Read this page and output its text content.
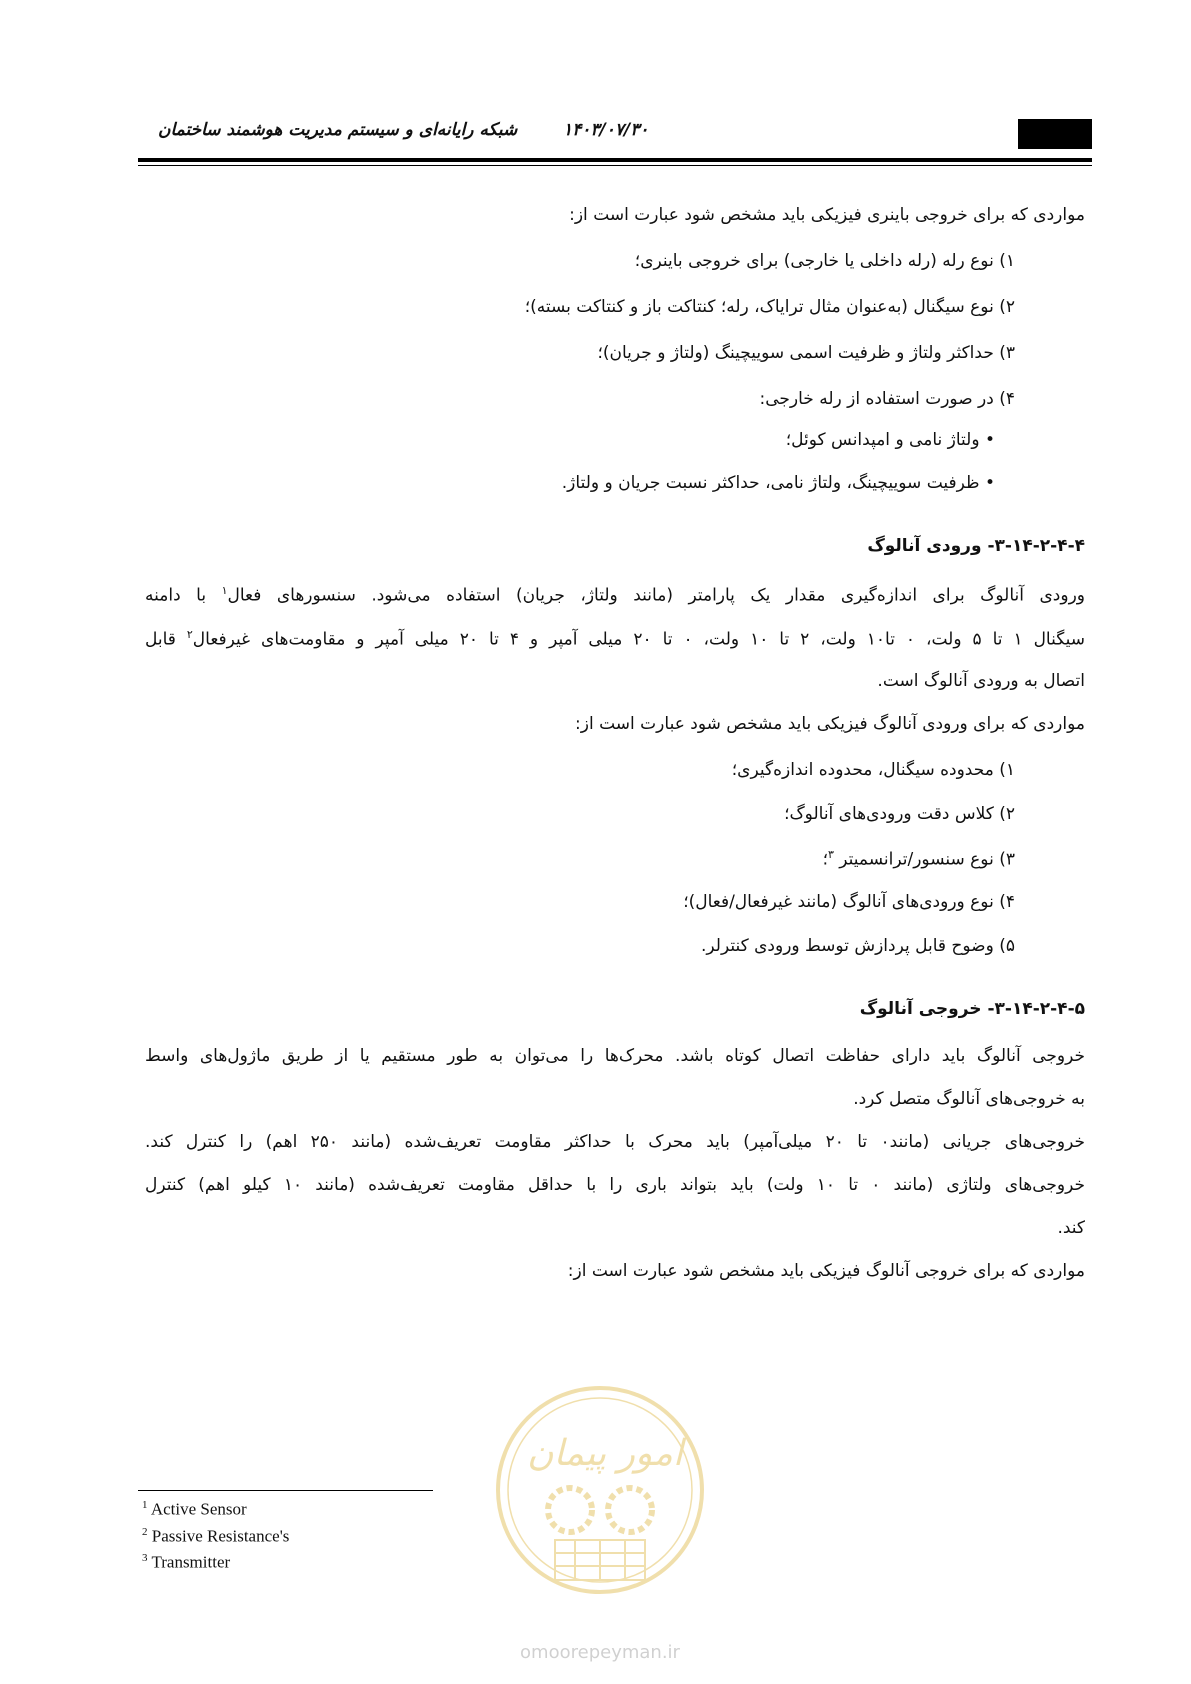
۱۴۰۳/۰۷/۳۰
شبکه رایانه‌ای و سیستم مدیریت هوشمند ساختمان
مواردی که برای خروجی باینری فیزیکی باید مشخص شود عبارت است از:
۱) نوع رله (رله داخلی یا خارجی) برای خروجی باینری؛
۲) نوع سیگنال (به‌عنوان مثال ترایاک، رله؛ کنتاکت باز و کنتاکت بسته)؛
۳) حداکثر ولتاژ و ظرفیت اسمی سوییچینگ (ولتاژ و جریان)؛
۴) در صورت استفاده از رله خارجی:
• ولتاژ نامی و امپدانس کوئل؛
• ظرفیت سوییچینگ، ولتاژ نامی، حداکثر نسبت جریان و ولتاژ.
۳-۱۴-۲-۴-۴- ورودی آنالوگ
ورودی آنالوگ برای اندازه‌گیری مقدار یک پارامتر (مانند ولتاژ، جریان) استفاده می‌شود. سنسورهای فعال$^۱$ با دامنه
سیگنال ۱ تا ۵ ولت، ۰ تا۱۰ ولت، ۲ تا ۱۰ ولت، ۰ تا ۲۰ میلی آمپر و ۴ تا ۲۰ میلی آمپر و مقاومت‌های غیرفعال$^۲$ قابل
اتصال به ورودی آنالوگ است.
مواردی که برای ورودی آنالوگ فیزیکی باید مشخص شود عبارت است از:
۱) محدوده سیگنال، محدوده اندازه‌گیری؛
۲) کلاس دقت ورودی‌های آنالوگ؛
۳) نوع سنسور/ترانسمیتر $^۳$؛
۴) نوع ورودی‌های آنالوگ (مانند غیرفعال/فعال)؛
۵) وضوح قابل پردازش توسط ورودی کنترلر.
۳-۱۴-۲-۴-۵- خروجی آنالوگ
خروجی آنالوگ باید دارای حفاظت اتصال کوتاه باشد. محرک‌ها را می‌توان به طور مستقیم یا از طریق ماژول‌های واسط
به خروجی‌های آنالوگ متصل کرد.
خروجی‌های جریانی (مانند۰ تا ۲۰ میلی‌آمپر) باید محرک با حداکثر مقاومت تعریف‌شده (مانند ۲۵۰ اهم) را کنترل کند.
خروجی‌های ولتاژی (مانند ۰ تا ۱۰ ولت) باید بتواند باری را با حداقل مقاومت تعریف‌شده (مانند ۱۰ کیلو اهم) کنترل
کند.
مواردی که برای خروجی آنالوگ فیزیکی باید مشخص شود عبارت است از:
امور پیمان
omoorepeyman.ir
$^1$ Active Sensor
$^2$ Passive Resistance's
$^3$ Transmitter
